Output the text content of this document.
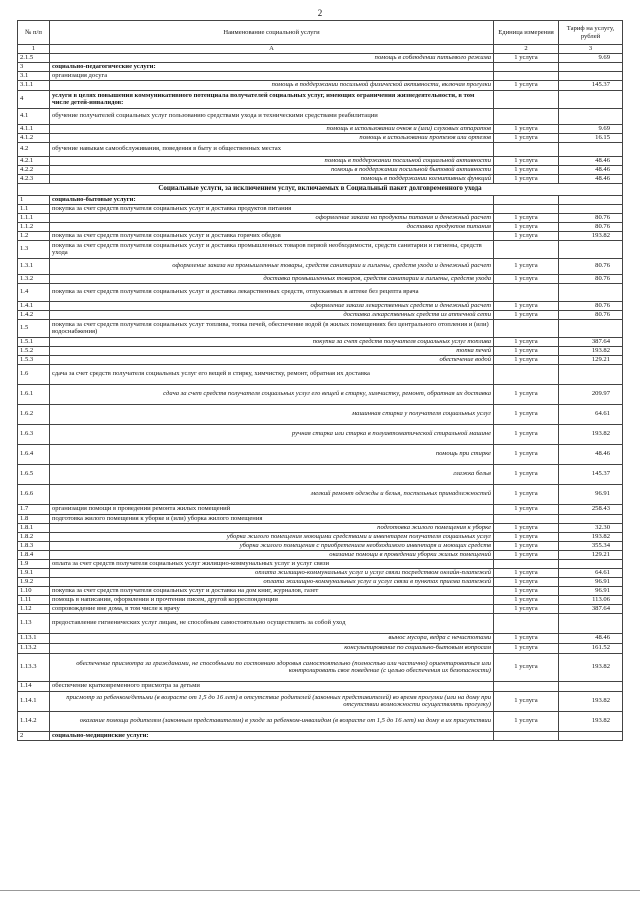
2
№ п/п	Наименование социальной услуги	Единица измерения	Тариф на услугу, рублей
1	А	2	3
2.1.5	помощь в соблюдении питьевого режима	1 услуга	9.69
3	социально-педагогические услуги:		
3.1	организация досуга		
3.1.1	помощь в поддержании посильной физической активности, включая прогулки	1 услуга	145.37
4	услуги в целях повышения коммуникативного потенциала получателей социальных услуг, имеющих ограничения жизнедеятельности, в том числе детей-инвалидов:		
4.1	обучение получателей социальных услуг пользованию средствами ухода и техническими средствами реабилитации		
4.1.1	помощь в использовании очков и (или) слуховых аппаратов	1 услуга	9.69
4.1.2	помощь в использовании протезов или ортезов	1 услуга	16.15
4.2	обучение навыкам самообслуживания, поведения в быту и общественных местах		
4.2.1	помощь в поддержании посильной социальной активности	1 услуга	48.46
4.2.2	помощь в поддержании посильной бытовой активности	1 услуга	48.46
4.2.3	помощь в поддержании когнитивных функций	1 услуга	48.46
Социальные услуги, за исключением услуг, включаемых в Социальный пакет долговременного ухода			
1	социально-бытовые услуги:		
1.1	покупка за счет средств получателя социальных услуг и доставка продуктов питания		
1.1.1	оформление заказа на продукты питания и денежный расчет	1 услуга	80.76
1.1.2	доставка продуктов питания	1 услуга	80.76
1.2	покупка за счет средств получателя социальных услуг и доставка горячих обедов	1 услуга	193.82
1.3	покупка за счет средств получателя социальных услуг и доставка промышленных товаров первой необходимости, средств санитарии и гигиены, средств ухода		
1.3.1	оформление заказа на промышленные товары, средств санитарии и гигиены, средств ухода и денежный расчет	1 услуга	80.76
1.3.2	доставка промышленных товаров, средств санитарии и гигиены, средств ухода	1 услуга	80.76
1.4	покупка за счет средств получателя социальных услуг и доставка лекарственных средств, отпускаемых в аптеке без рецепта врача		
1.4.1	оформление заказа лекарственных средств и денежный расчет	1 услуга	80.76
1.4.2	доставка лекарственных средств из аптечной сети	1 услуга	80.76
1.5	покупка за счет средств получателя социальных услуг топлива, топка печей, обеспечение водой (в жилых помещениях без центрального отопления и (или) водоснабжения)		
1.5.1	покупка за счет средств получателя социальных услуг топлива	1 услуга	387.64
1.5.2	топка печей	1 услуга	193.82
1.5.3	обеспечение водой	1 услуга	129.21
1.6	сдача за счет средств получателя социальных услуг его вещей в стирку, химчистку, ремонт, обратная их доставка		
1.6.1	сдача за счет средств получателя социальных услуг его вещей в стирку, химчистку, ремонт, обратная их доставка	1 услуга	209.97
1.6.2	машинная стирка у получателя социальных услуг	1 услуга	64.61
1.6.3	ручная стирка или стирка в полуавтоматической стиральной машине	1 услуга	193.82
1.6.4	помощь при стирке	1 услуга	48.46
1.6.5	глажка белья	1 услуга	145.37
1.6.6	мелкий ремонт одежды и белья, постельных принадлежностей	1 услуга	96.91
1.7	организация помощи в проведении ремонта жилых помещений	1 услуга	258.43
1.8	подготовка жилого помещения к уборке и (или) уборка жилого помещения		
1.8.1	подготовка жилого помещения к уборке	1 услуга	32.30
1.8.2	уборка жилого помещения моющими средствами и инвентарем получателя социальных услуг	1 услуга	193.82
1.8.3	уборка жилого помещения с приобретением необходимого инвентаря и моющих средств	1 услуга	355.34
1.8.4	оказание помощи в проведении уборки жилых помещений	1 услуга	129.21
1.9	оплата за счет средств получателя социальных услуг жилищно-коммунальных услуг и услуг связи		
1.9.1	оплата жилищно-коммунальных услуг и услуг связи посредством онлайн-платежей	1 услуга	64.61
1.9.2	оплата жилищно-коммунальных услуг и услуг связи в пунктах приема платежей	1 услуга	96.91
1.10	покупка за счет средств получателя социальных услуг и доставка на дом книг, журналов, газет	1 услуга	96.91
1.11	помощь в написании, оформлении и прочтении писем, другой корреспонденции	1 услуга	113.06
1.12	сопровождение вне дома, в том числе к врачу	1 услуга	387.64
1.13	предоставление гигиенических услуг лицам, не способным самостоятельно осуществлять за собой уход		
1.13.1	вынос мусора, ведра с нечистотами	1 услуга	48.46
1.13.2	консультирование по социально-бытовым вопросам	1 услуга	161.52
1.13.3	обеспечение присмотра за гражданами, не способными по состоянию здоровья самостоятельно (полностью или частично) ориентироваться или контролировать свое поведение (с целью обеспечения их безопасности)	1 услуга	193.82
1.14	обеспечение кратковременного присмотра за детьми		
1.14.1	присмотр за ребенком/детьми (в возрасте от 1,5 до 16 лет) в отсутствие родителей (законных представителей) во время прогулки (или на дому при отсутствии возможности осуществлять прогулку)	1 услуга	193.82
1.14.2	оказание помощи родителям (законным представителям) в уходе за ребенком-инвалидом (в возрасте от 1,5 до 16 лет) на дому в их присутствии	1 услуга	193.82
2	социально-медицинские услуги:		
